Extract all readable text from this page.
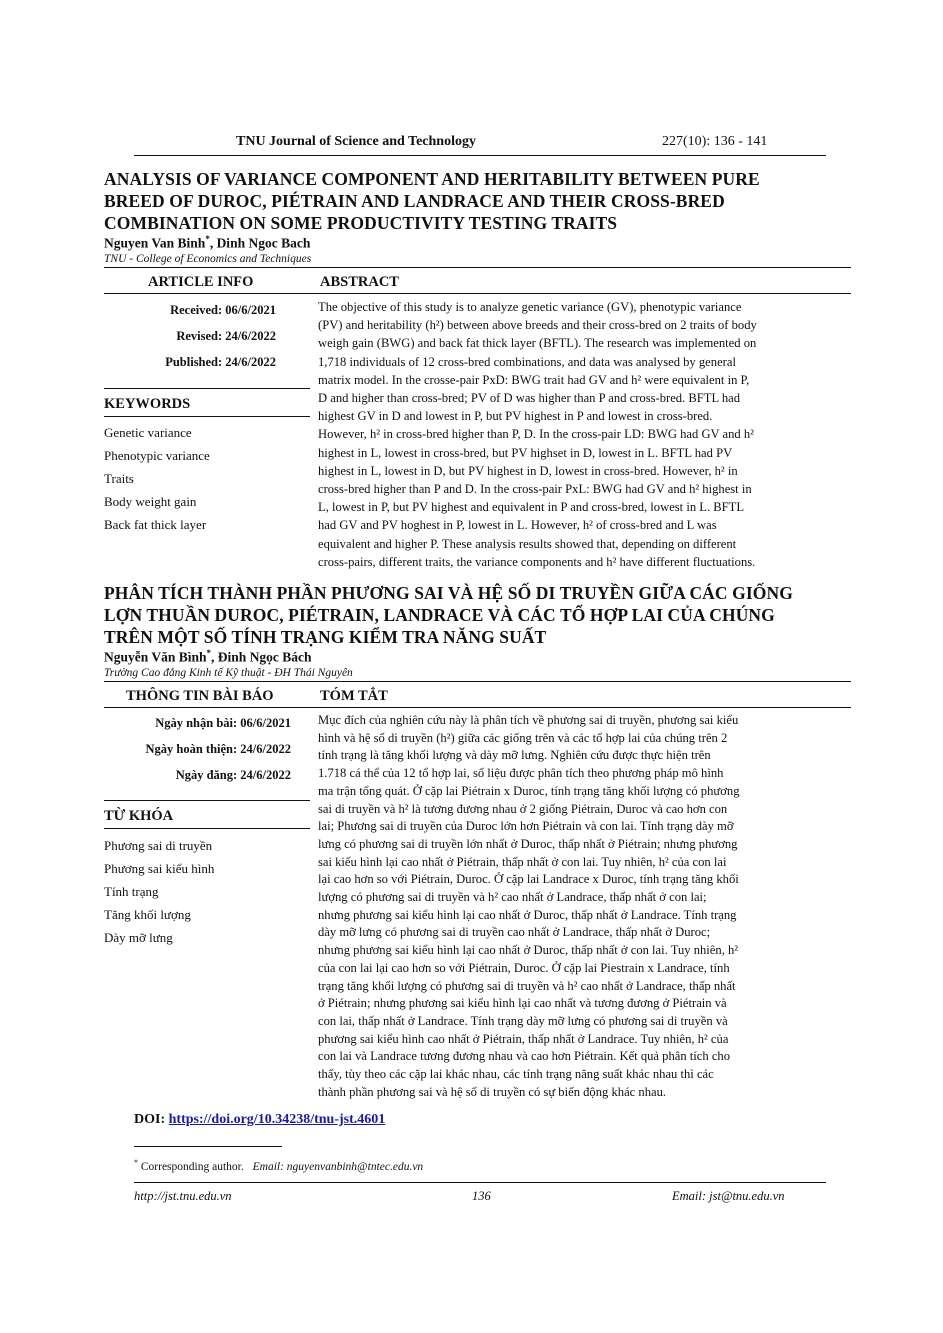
TNU Journal of Science and Technology	227(10): 136 - 141
ANALYSIS OF VARIANCE COMPONENT AND HERITABILITY BETWEEN PURE
BREED OF DUROC, PIÉTRAIN AND LANDRACE AND THEIR CROSS-BRED
COMBINATION ON SOME PRODUCTIVITY TESTING TRAITS
Nguyen Van Binh*, Dinh Ngoc Bach
TNU - College of Economics and Techniques
ARTICLE INFO	ABSTRACT
Received: 06/6/2021
Revised: 24/6/2022
Published: 24/6/2022
KEYWORDS
Genetic variance
Phenotypic variance
Traits
Body weight gain
Back fat thick layer
The objective of this study is to analyze genetic variance (GV), phenotypic variance
(PV) and heritability (h²) between above breeds and their cross-bred on 2 traits of body
weigh gain (BWG) and back fat thick layer (BFTL). The research was implemented on
1,718 individuals of 12 cross-bred combinations, and data was analysed by general
matrix model. In the crosse-pair PxD: BWG trait had GV and h² were equivalent in P,
D and higher than cross-bred; PV of D was higher than P and cross-bred. BFTL had
highest GV in D and lowest in P, but PV highest in P and lowest in cross-bred.
However, h² in cross-bred higher than P, D. In the cross-pair LD: BWG had GV and h²
highest in L, lowest in cross-bred, but PV highset in D, lowest in L. BFTL had PV
highest in L, lowest in D, but PV highest in D, lowest in cross-bred. However, h² in
cross-bred higher than P and D. In the cross-pair PxL: BWG had GV and h² highest in
L, lowest in P, but PV highest and equivalent in P and cross-bred, lowest in L. BFTL
had GV and PV hoghest in P, lowest in L. However, h² of cross-bred and L was
equivalent and higher P. These analysis results showed that, depending on different
cross-pairs, different traits, the variance components and h² have different fluctuations.
PHÂN TÍCH THÀNH PHẦN PHƯƠNG SAI VÀ HỆ SỐ DI TRUYỀN GIỮA CÁC GIỐNG
LỢN THUẦN DUROC, PIÉTRAIN, LANDRACE VÀ CÁC TỔ HỢP LAI CỦA CHÚNG
TRÊN MỘT SỐ TÍNH TRẠNG KIỂM TRA NĂNG SUẤT
Nguyễn Văn Bình*, Đinh Ngọc Bách
Trường Cao đẳng Kinh tế Kỹ thuật - ĐH Thái Nguyên
THÔNG TIN BÀI BÁO	TÓM TẮT
Ngày nhận bài: 06/6/2021
Ngày hoàn thiện: 24/6/2022
Ngày đăng: 24/6/2022
TỪ KHÓA
Phương sai di truyền
Phương sai kiểu hình
Tính trạng
Tăng khối lượng
Dày mỡ lưng
Mục đích của nghiên cứu này là phân tích về phương sai di truyền, phương sai kiểu
hình và hệ số di truyền (h²) giữa các giống trên và các tổ hợp lai của chúng trên 2
tính trạng là tăng khối lượng và dày mỡ lưng. Nghiên cứu được thực hiện trên
1.718 cá thể của 12 tổ hợp lai, số liệu được phân tích theo phương pháp mô hình
ma trận tổng quát. Ở cặp lai Piétrain x Duroc, tính trạng tăng khối lượng có phương
sai di truyền và h² là tương đương nhau ở 2 giống Piétrain, Duroc và cao hơn con
lai; Phương sai di truyền của Duroc lớn hơn Piétrain và con lai. Tính trạng dày mỡ
lưng có phương sai di truyền lớn nhất ở Duroc, thấp nhất ở Piétrain; nhưng phương
sai kiểu hình lại cao nhất ở Piétrain, thấp nhất ở con lai. Tuy nhiên, h² của con lai
lại cao hơn so với Piétrain, Duroc. Ở cặp lai Landrace x Duroc, tính trạng tăng khối
lượng có phương sai di truyền và h² cao nhất ở Landrace, thấp nhất ở con lai;
nhưng phương sai kiểu hình lại cao nhất ở Duroc, thấp nhất ở Landrace. Tính trạng
dày mỡ lưng có phương sai di truyền cao nhất ở Landrace, thấp nhất ở Duroc;
nhưng phương sai kiểu hình lại cao nhất ở Duroc, thấp nhất ở con lai. Tuy nhiên, h²
của con lai lại cao hơn so với Piétrain, Duroc. Ở cặp lai Piestrain x Landrace, tính
trạng tăng khối lượng có phương sai di truyền và h² cao nhất ở Landrace, thấp nhất
ở Piétrain; nhưng phương sai kiểu hình lại cao nhất và tương đương ở Piétrain và
con lai, thấp nhất ở Landrace. Tính trạng dày mỡ lưng có phương sai di truyền và
phương sai kiểu hình cao nhất ở Piétrain, thấp nhất ở Landrace. Tuy nhiên, h² của
con lai và Landrace tương đương nhau và cao hơn Piétrain. Kết quả phân tích cho
thấy, tùy theo các cặp lai khác nhau, các tính trạng năng suất khác nhau thì các
thành phần phương sai và hệ số di truyền có sự biến động khác nhau.
DOI: https://doi.org/10.34238/tnu-jst.4601
* Corresponding author. Email: nguyenvanbinh@tntec.edu.vn
http://jst.tnu.edu.vn	136	Email: jst@tnu.edu.vn
